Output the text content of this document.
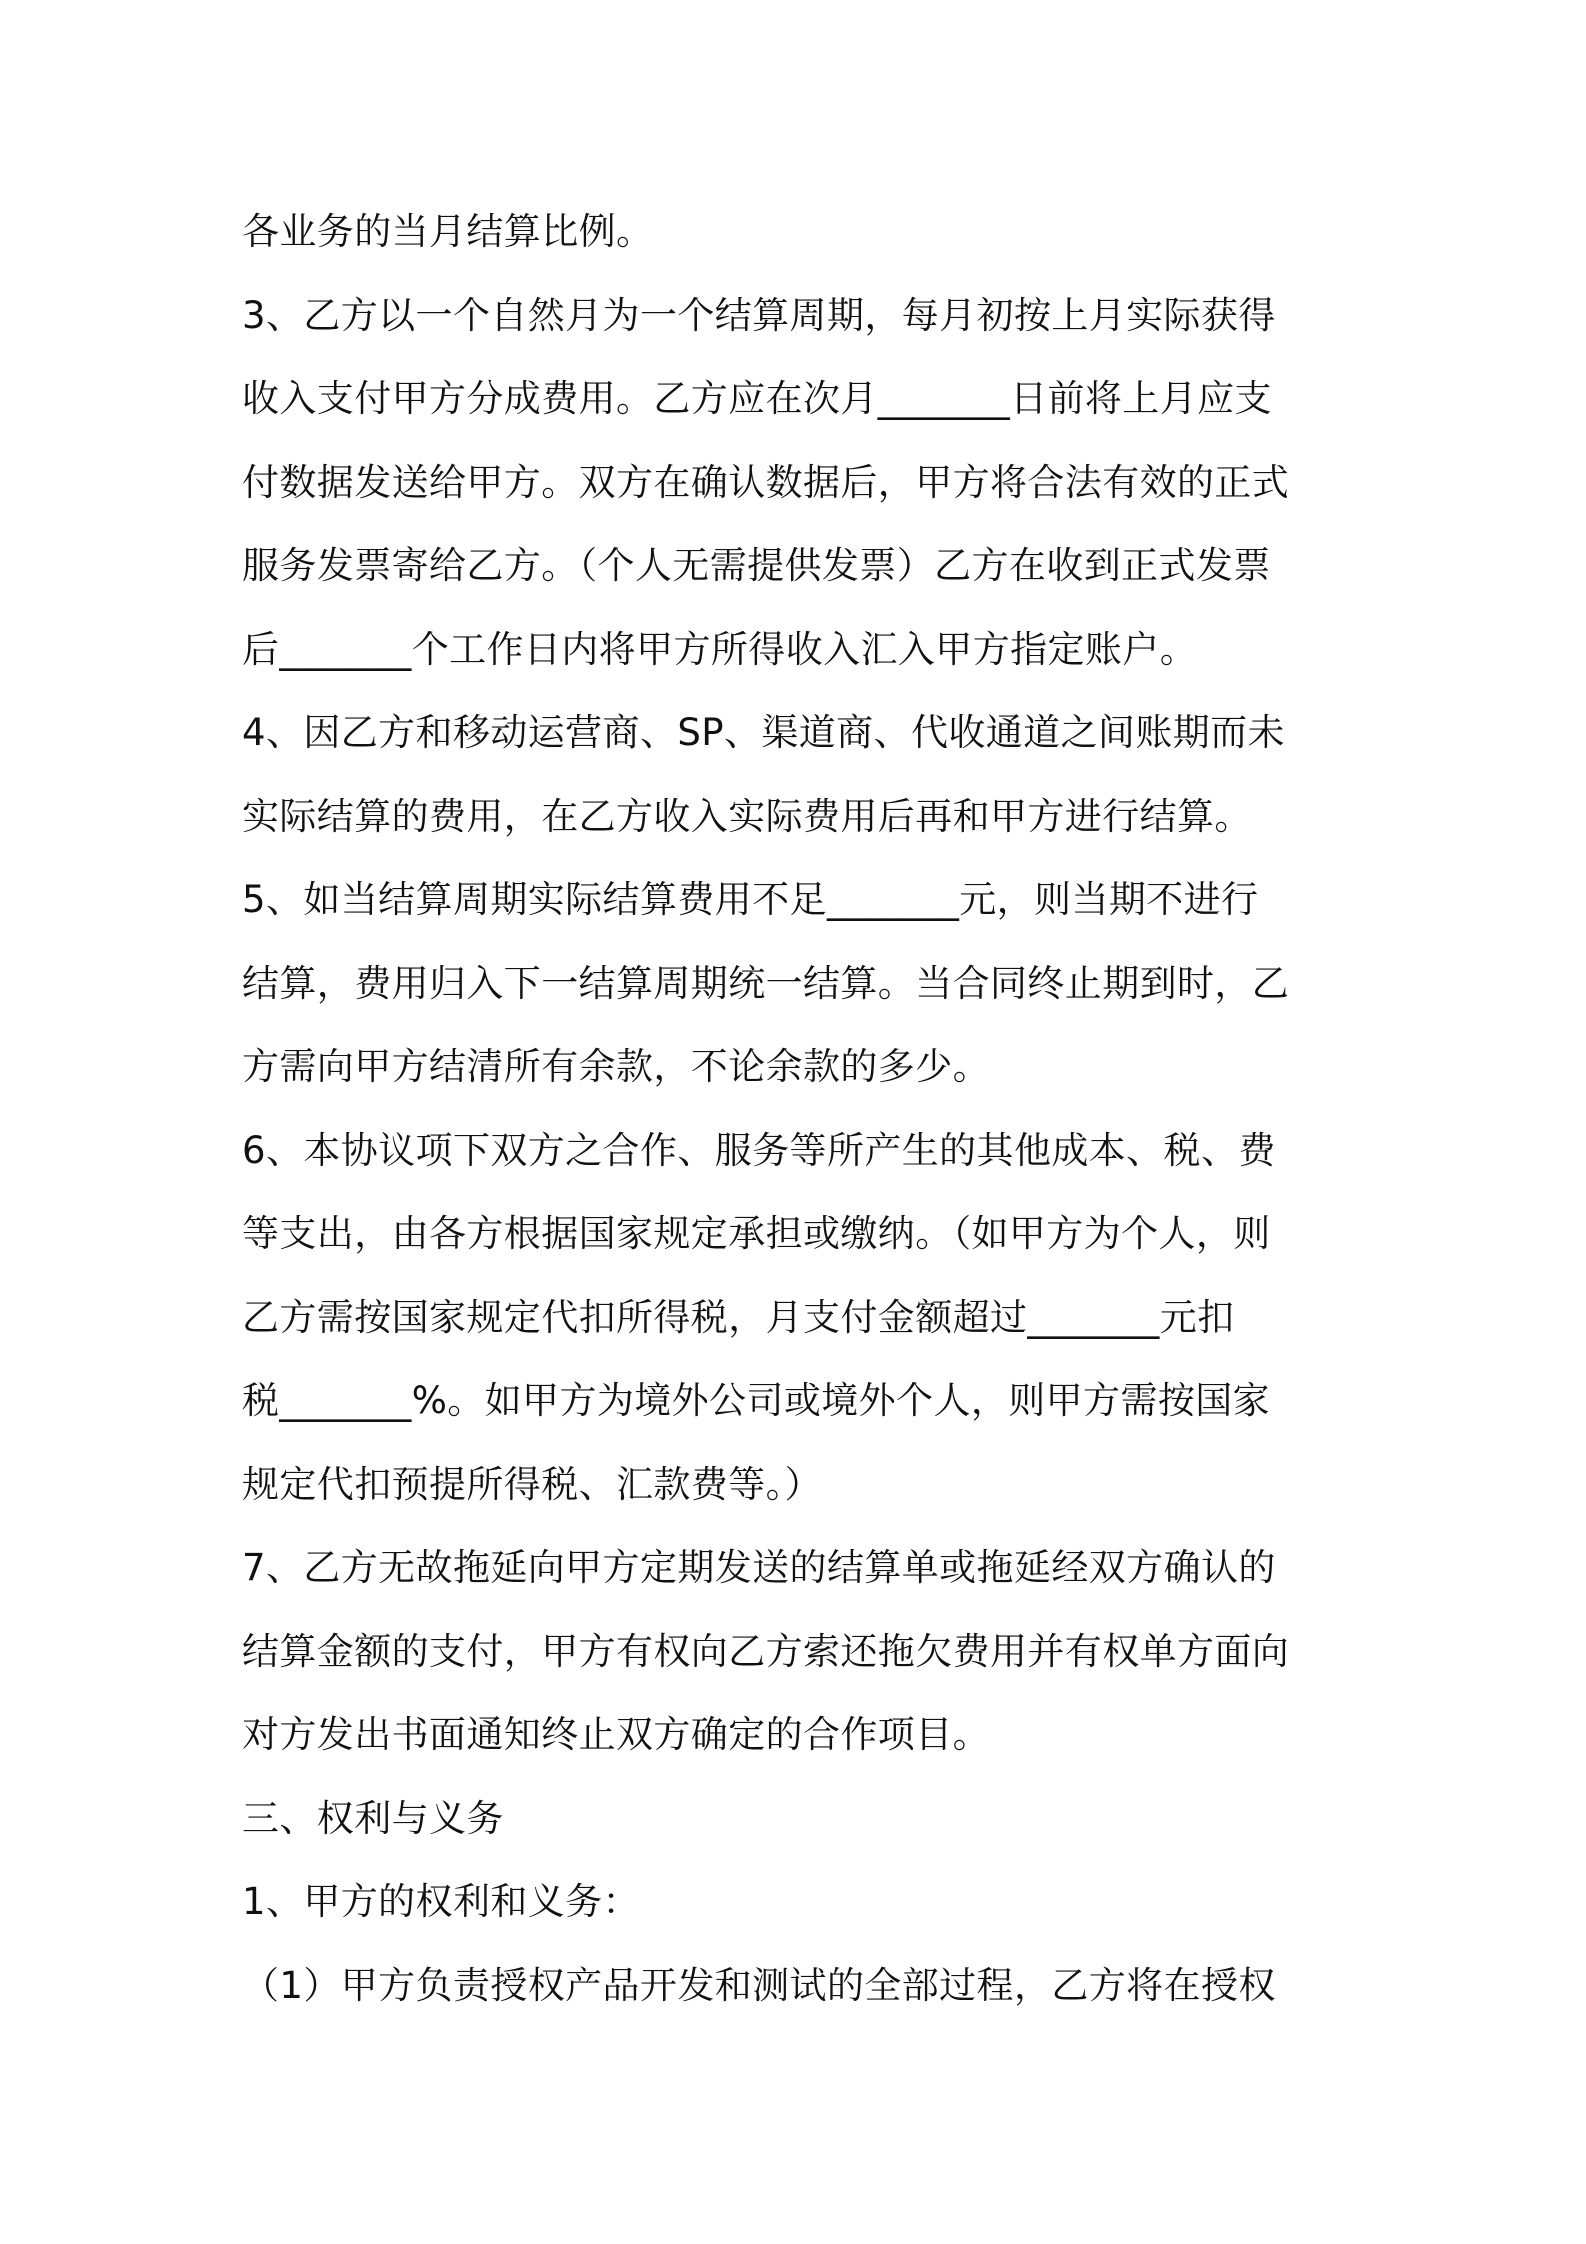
各业务的当月结算比例。
3、乙方以一个自然月为一个结算周期，每月初按上月实际获得
收入支付甲方分成费用。乙方应在次月_______日前将上月应支
付数据发送给甲方。双方在确认数据后，甲方将合法有效的正式
服务发票寄给乙方。（个人无需提供发票）乙方在收到正式发票
后_______个工作日内将甲方所得收入汇入甲方指定账户。
4、因乙方和移动运营商、SP、渠道商、代收通道之间账期而未
实际结算的费用，在乙方收入实际费用后再和甲方进行结算。
5、如当结算周期实际结算费用不足_______元，则当期不进行
结算，费用归入下一结算周期统一结算。当合同终止期到时，乙
方需向甲方结清所有余款，不论余款的多少。
6、本协议项下双方之合作、服务等所产生的其他成本、税、费
等支出，由各方根据国家规定承担或缴纳。（如甲方为个人，则
乙方需按国家规定代扣所得税，月支付金额超过_______元扣
税_______%。如甲方为境外公司或境外个人，则甲方需按国家
规定代扣预提所得税、汇款费等。）
7、乙方无故拖延向甲方定期发送的结算单或拖延经双方确认的
结算金额的支付，甲方有权向乙方索还拖欠费用并有权单方面向
对方发出书面通知终止双方确定的合作项目。
三、权利与义务
1、甲方的权利和义务：
（1）甲方负责授权产品开发和测试的全部过程，乙方将在授权
